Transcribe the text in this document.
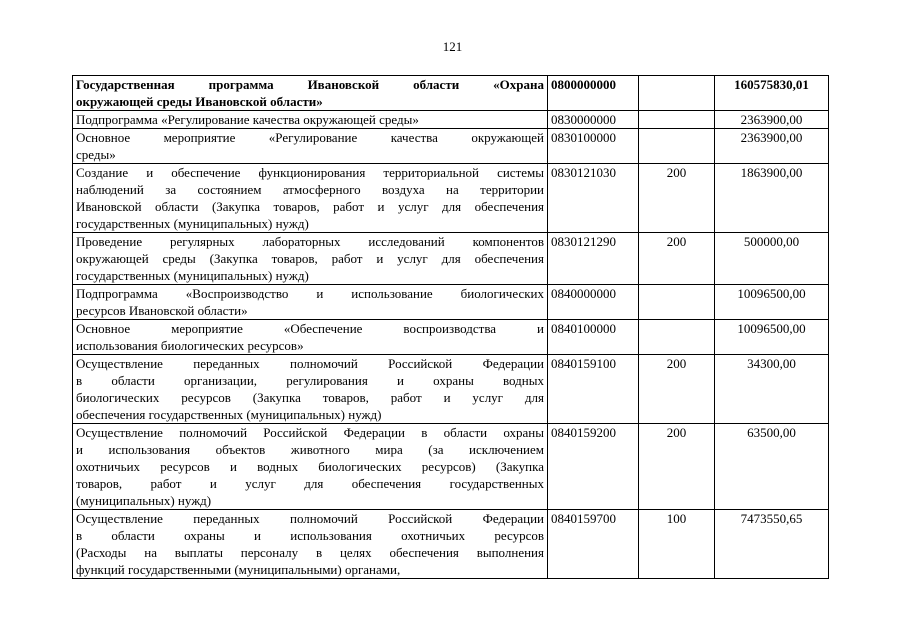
121
Государственная программа Ивановской области «Охрана
окружающей среды Ивановской области»	0800000000		160575830,01

Подпрограмма «Регулирование качества окружающей среды»	0830000000		2363900,00

Основное мероприятие «Регулирование качества окружающей
среды»	0830100000		2363900,00

Создание и обеспечение функционирования территориальной системы
наблюдений за состоянием атмосферного воздуха на территории
Ивановской области (Закупка товаров, работ и услуг для обеспечения
государственных (муниципальных) нужд)	0830121030	200	1863900,00

Проведение регулярных лабораторных исследований компонентов
окружающей среды (Закупка товаров, работ и услуг для обеспечения
государственных (муниципальных) нужд)	0830121290	200	500000,00

Подпрограмма «Воспроизводство и использование биологических
ресурсов Ивановской области»	0840000000		10096500,00

Основное мероприятие «Обеспечение воспроизводства и
использования биологических ресурсов»	0840100000		10096500,00

Осуществление переданных полномочий Российской Федерации
в области организации, регулирования и охраны водных
биологических ресурсов (Закупка товаров, работ и услуг для
обеспечения государственных (муниципальных) нужд)	0840159100	200	34300,00

Осуществление полномочий Российской Федерации в области охраны
и использования объектов животного мира (за исключением
охотничьих ресурсов и водных биологических ресурсов) (Закупка
товаров, работ и услуг для обеспечения государственных
(муниципальных) нужд)	0840159200	200	63500,00

Осуществление переданных полномочий Российской Федерации
в области охраны и использования охотничьих ресурсов
(Расходы на выплаты персоналу в целях обеспечения выполнения
функций государственными (муниципальными) органами,	0840159700	100	7473550,65
